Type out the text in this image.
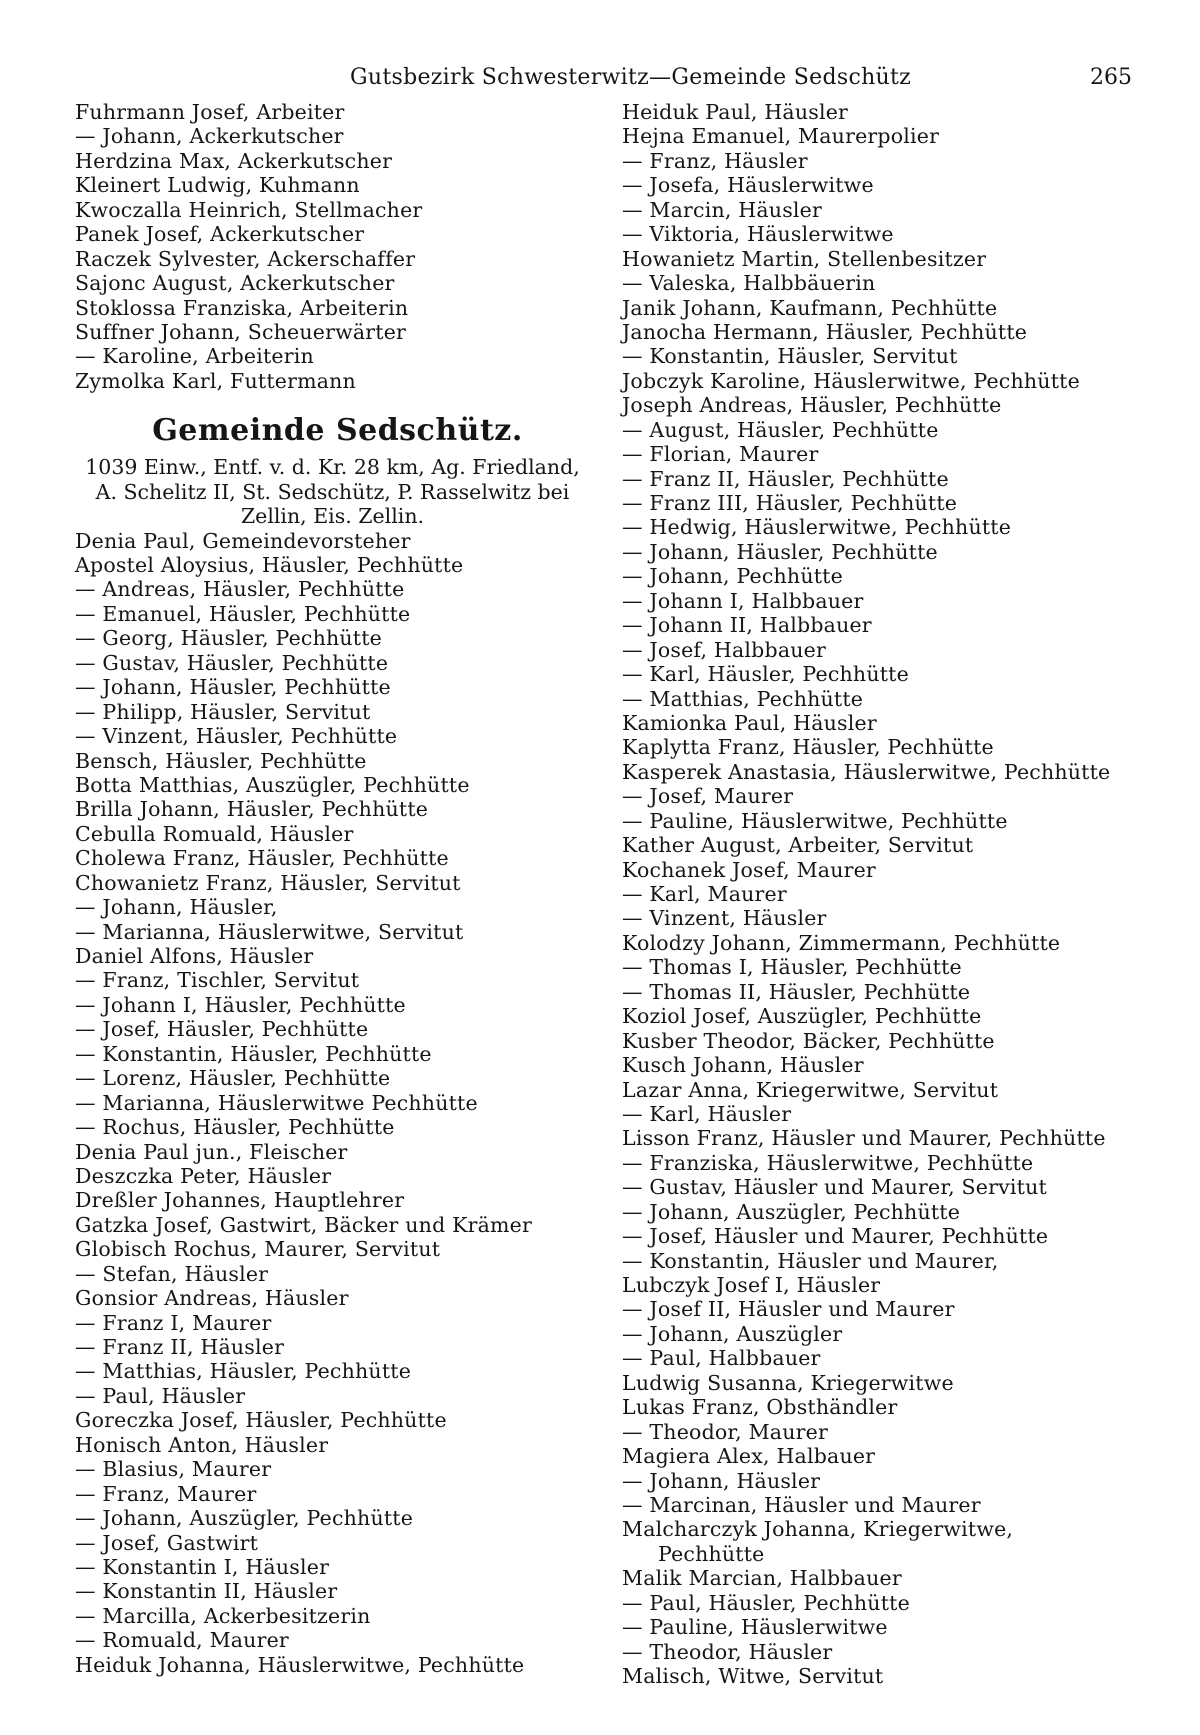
Gutsbezirk Schwesterwitz—Gemeinde Sedschütz	265
Fuhrmann Josef, Arbeiter
— Johann, Ackerkutscher
Herdzina Max, Ackerkutscher
Kleinert Ludwig, Kuhmann
Kwoczalla Heinrich, Stellmacher
Panek Josef, Ackerkutscher
Raczek Sylvester, Ackerschaffer
Sajonc August, Ackerkutscher
Stoklossa Franziska, Arbeiterin
Suffner Johann, Scheuerwärter
— Karoline, Arbeiterin
Zymolka Karl, Futtermann
Gemeinde Sedschütz.
1039 Einw., Entf. v. d. Kr. 28 km, Ag. Friedland,
A. Schelitz II, St. Sedschütz, P. Rasselwitz bei
Zellin, Eis. Zellin.
Denia Paul, Gemeindevorsteher
Apostel Aloysius, Häusler, Pechhütte
— Andreas, Häusler, Pechhütte
— Emanuel, Häusler, Pechhütte
— Georg, Häusler, Pechhütte
— Gustav, Häusler, Pechhütte
— Johann, Häusler, Pechhütte
— Philipp, Häusler, Servitut
— Vinzent, Häusler, Pechhütte
Bensch, Häusler, Pechhütte
Botta Matthias, Auszügler, Pechhütte
Brilla Johann, Häusler, Pechhütte
Cebulla Romuald, Häusler
Cholewa Franz, Häusler, Pechhütte
Chowanietz Franz, Häusler, Servitut
— Johann, Häusler,
— Marianna, Häuslerwitwe, Servitut
Daniel Alfons, Häusler
— Franz, Tischler, Servitut
— Johann I, Häusler, Pechhütte
— Josef, Häusler, Pechhütte
— Konstantin, Häusler, Pechhütte
— Lorenz, Häusler, Pechhütte
— Marianna, Häuslerwitwe Pechhütte
— Rochus, Häusler, Pechhütte
Denia Paul jun., Fleischer
Deszczka Peter, Häusler
Dreßler Johannes, Hauptlehrer
Gatzka Josef, Gastwirt, Bäcker und Krämer
Globisch Rochus, Maurer, Servitut
— Stefan, Häusler
Gonsior Andreas, Häusler
— Franz I, Maurer
— Franz II, Häusler
— Matthias, Häusler, Pechhütte
— Paul, Häusler
Goreczka Josef, Häusler, Pechhütte
Honisch Anton, Häusler
— Blasius, Maurer
— Franz, Maurer
— Johann, Auszügler, Pechhütte
— Josef, Gastwirt
— Konstantin I, Häusler
— Konstantin II, Häusler
— Marcilla, Ackerbesitzerin
— Romuald, Maurer
Heiduk Johanna, Häuslerwitwe, Pechhütte
Heiduk Paul, Häusler
Hejna Emanuel, Maurerpolier
— Franz, Häusler
— Josefa, Häuslerwitwe
— Marcin, Häusler
— Viktoria, Häuslerwitwe
Howanietz Martin, Stellenbesitzer
— Valeska, Halbbäuerin
Janik Johann, Kaufmann, Pechhütte
Janocha Hermann, Häusler, Pechhütte
— Konstantin, Häusler, Servitut
Jobczyk Karoline, Häuslerwitwe, Pechhütte
Joseph Andreas, Häusler, Pechhütte
— August, Häusler, Pechhütte
— Florian, Maurer
— Franz II, Häusler, Pechhütte
— Franz III, Häusler, Pechhütte
— Hedwig, Häuslerwitwe, Pechhütte
— Johann, Häusler, Pechhütte
— Johann, Pechhütte
— Johann I, Halbbauer
— Johann II, Halbbauer
— Josef, Halbbauer
— Karl, Häusler, Pechhütte
— Matthias, Pechhütte
Kamionka Paul, Häusler
Kaplytta Franz, Häusler, Pechhütte
Kasperek Anastasia, Häuslerwitwe, Pechhütte
— Josef, Maurer
— Pauline, Häuslerwitwe, Pechhütte
Kather August, Arbeiter, Servitut
Kochanek Josef, Maurer
— Karl, Maurer
— Vinzent, Häusler
Kolodzy Johann, Zimmermann, Pechhütte
— Thomas I, Häusler, Pechhütte
— Thomas II, Häusler, Pechhütte
Koziol Josef, Auszügler, Pechhütte
Kusber Theodor, Bäcker, Pechhütte
Kusch Johann, Häusler
Lazar Anna, Kriegerwitwe, Servitut
— Karl, Häusler
Lisson Franz, Häusler und Maurer, Pechhütte
— Franziska, Häuslerwitwe, Pechhütte
— Gustav, Häusler und Maurer, Servitut
— Johann, Auszügler, Pechhütte
— Josef, Häusler und Maurer, Pechhütte
— Konstantin, Häusler und Maurer,
Lubczyk Josef I, Häusler
— Josef II, Häusler und Maurer
— Johann, Auszügler
— Paul, Halbbauer
Ludwig Susanna, Kriegerwitwe
Lukas Franz, Obsthändler
— Theodor, Maurer
Magiera Alex, Halbauer
— Johann, Häusler
— Marcinan, Häusler und Maurer
Malcharczyk Johanna, Kriegerwitwe,
Pechhütte
Malik Marcian, Halbbauer
— Paul, Häusler, Pechhütte
— Pauline, Häuslerwitwe
— Theodor, Häusler
Malisch, Witwe, Servitut
